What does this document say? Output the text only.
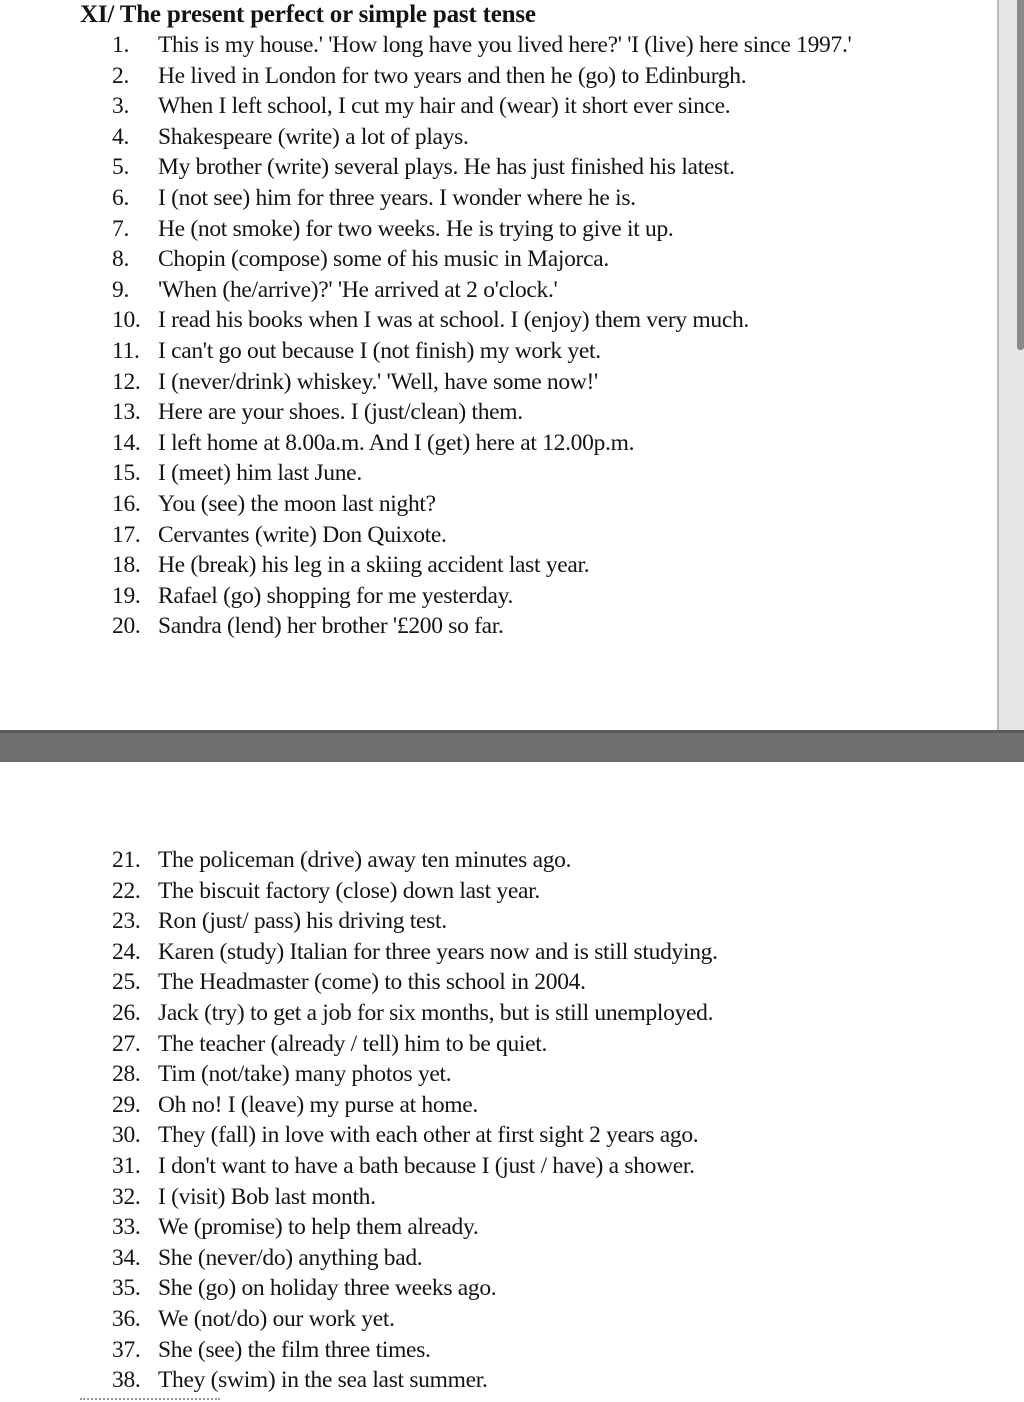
XI/ The present perfect or simple past tense
1.	This is my house.' 'How long have you lived here?' 'I (live) here since 1997.'
2.	He lived in London for two years and then he (go) to Edinburgh.
3.	When I left school, I cut my hair and (wear) it short ever since.
4.	Shakespeare (write) a lot of plays.
5.	My brother (write) several plays. He has just finished his latest.
6.	I (not see) him for three years. I wonder where he is.
7.	He (not smoke) for two weeks. He is trying to give it up.
8.	Chopin (compose) some of his music in Majorca.
9.	'When (he/arrive)?' 'He arrived at 2 o'clock.'
10. I read his books when I was at school. I (enjoy) them very much.
11. I can't go out because I (not finish) my work yet.
12. I (never/drink) whiskey.' 'Well, have some now!'
13. Here are your shoes. I (just/clean) them.
14. I left home at 8.00a.m. And I (get) here at 12.00p.m.
15. I (meet) him last June.
16. You (see) the moon last night?
17. Cervantes (write) Don Quixote.
18. He (break) his leg in a skiing accident last year.
19. Rafael (go) shopping for me yesterday.
20. Sandra (lend) her brother '£200 so far.
21. The policeman (drive) away ten minutes ago.
22. The biscuit factory (close) down last year.
23. Ron (just/ pass) his driving test.
24. Karen (study) Italian for three years now and is still studying.
25. The Headmaster (come) to this school in 2004.
26. Jack (try) to get a job for six months, but is still unemployed.
27. The teacher (already / tell) him to be quiet.
28. Tim (not/take) many photos yet.
29. Oh no! I (leave) my purse at home.
30. They (fall) in love with each other at first sight 2 years ago.
31. I don't want to have a bath because I (just / have) a shower.
32. I (visit) Bob last month.
33. We (promise) to help them already.
34. She (never/do) anything bad.
35. She (go) on holiday three weeks ago.
36. We (not/do) our work yet.
37. She (see) the film three times.
38. They (swim) in the sea last summer.
